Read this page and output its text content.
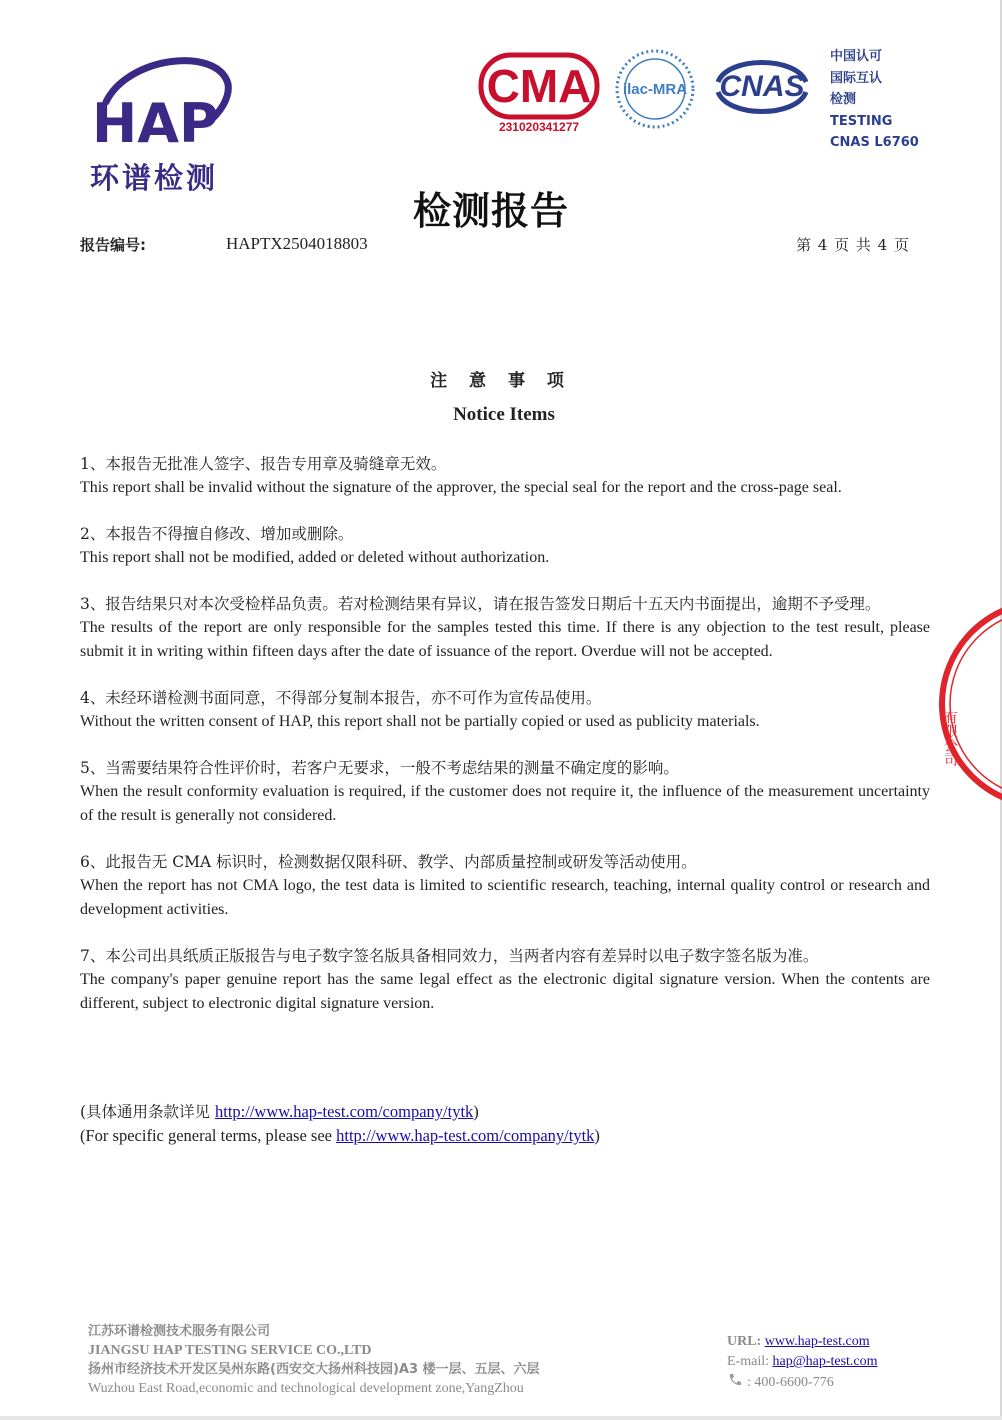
HAP
环谱检测
CMA
231020341277
ilac-MRA CNAS
中国认可
国际互认
检测
TESTING
CNAS L6760
检测报告
报告编号:	HAPTX2504018803	第 4 页 共 4 页
注 意 事 项
Notice Items
1、本报告无批准人签字、报告专用章及骑缝章无效。
This report shall be invalid without the signature of the approver, the special seal for the report and the cross-page seal.
2、本报告不得擅自修改、增加或删除。
This report shall not be modified, added or deleted without authorization.
3、报告结果只对本次受检样品负责。若对检测结果有异议，请在报告签发日期后十五天内书面提出，逾期不予受理。
The results of the report are only responsible for the samples tested this time. If there is any objection to the test result, please submit it in writing within fifteen days after the date of issuance of the report. Overdue will not be accepted.
4、未经环谱检测书面同意，不得部分复制本报告，亦不可作为宣传品使用。
Without the written consent of HAP, this report shall not be partially copied or used as publicity materials.
5、当需要结果符合性评价时，若客户无要求，一般不考虑结果的测量不确定度的影响。
When the result conformity evaluation is required, if the customer does not require it, the influence of the measurement uncertainty of the result is generally not considered.
6、此报告无 CMA 标识时，检测数据仅限科研、教学、内部质量控制或研发等活动使用。
When the report has not CMA logo, the test data is limited to scientific research, teaching, internal quality control or research and development activities.
7、本公司出具纸质正版报告与电子数字签名版具备相同效力，当两者内容有差异时以电子数字签名版为准。
The company's paper genuine report has the same legal effect as the electronic digital signature version. When the contents are different, subject to electronic digital signature version.
(具体通用条款详见 http://www.hap-test.com/company/tytk)
(For specific general terms, please see http://www.hap-test.com/company/tytk)
有限公司
江苏环谱检测技术服务有限公司
JIANGSU HAP TESTING SERVICE CO.,LTD
扬州市经济技术开发区吴州东路(西安交大扬州科技园)A3 楼一层、五层、六层
Wuzhou East Road,economic and technological development zone,YangZhou
URL: www.hap-test.com
E-mail: hap@hap-test.com
: 400-6600-776
